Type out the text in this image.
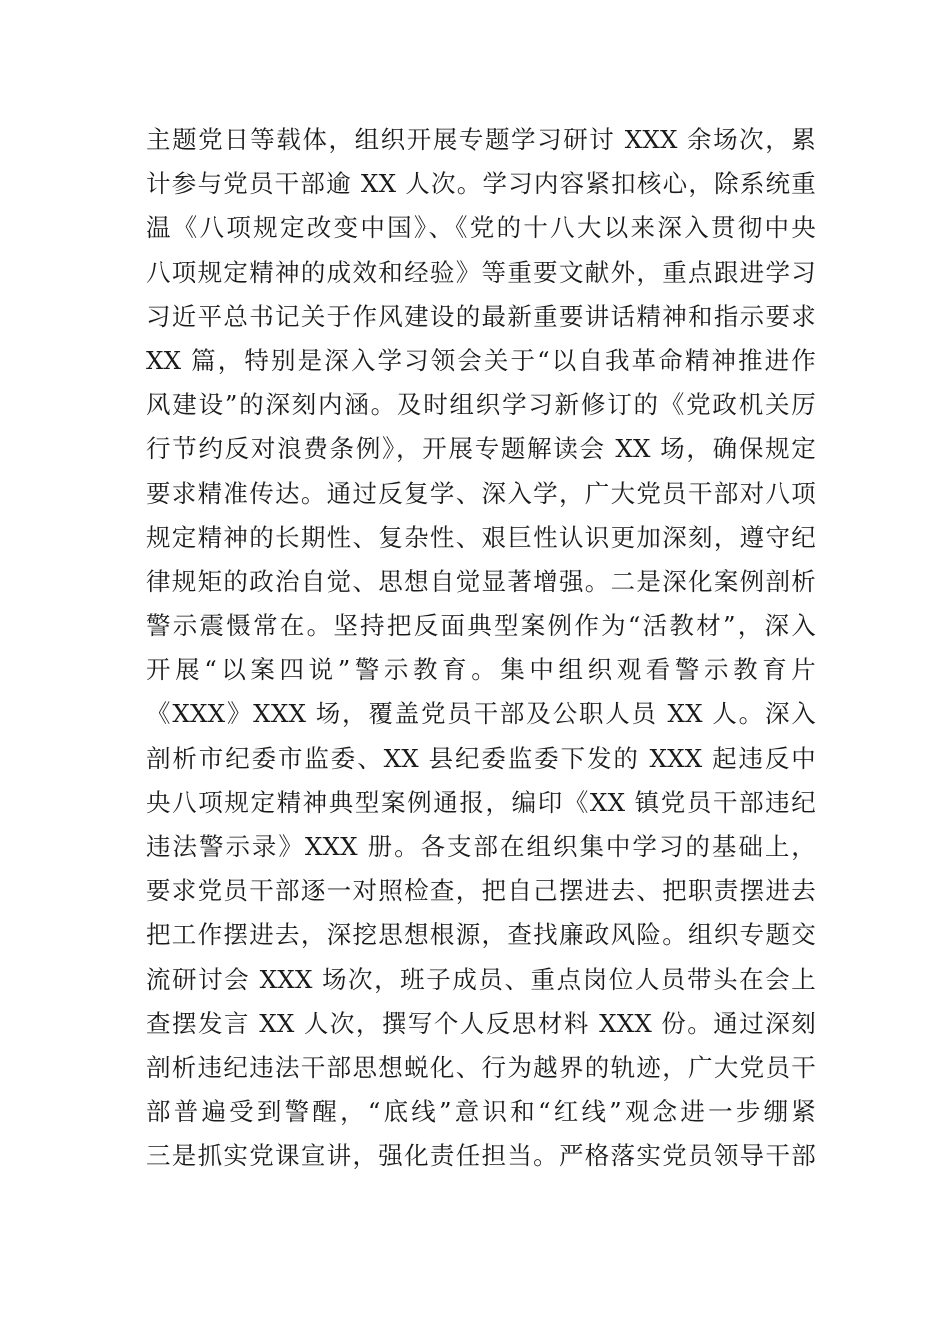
主题党日等载体，组织开展专题学习研讨 XXX 余场次，累
计参与党员干部逾 XX 人次。学习内容紧扣核心，除系统重
温《八项规定改变中国》、《党的十八大以来深入贯彻中央
八项规定精神的成效和经验》等重要文献外，重点跟进学习
习近平总书记关于作风建设的最新重要讲话精神和指示要求
XX 篇，特别是深入学习领会关于“以自我革命精神推进作
风建设”的深刻内涵。及时组织学习新修订的《党政机关厉
行节约反对浪费条例》，开展专题解读会 XX 场，确保规定
要求精准传达。通过反复学、深入学，广大党员干部对八项
规定精神的长期性、复杂性、艰巨性认识更加深刻，遵守纪
律规矩的政治自觉、思想自觉显著增强。二是深化案例剖析
警示震慑常在。坚持把反面典型案例作为“活教材”，深入
开展“以案四说”警示教育。集中组织观看警示教育片
《XXX》XXX 场，覆盖党员干部及公职人员 XX 人。深入
剖析市纪委市监委、XX 县纪委监委下发的 XXX 起违反中
央八项规定精神典型案例通报，编印《XX 镇党员干部违纪
违法警示录》XXX 册。各支部在组织集中学习的基础上，
要求党员干部逐一对照检查，把自己摆进去、把职责摆进去
把工作摆进去，深挖思想根源，查找廉政风险。组织专题交
流研讨会 XXX 场次，班子成员、重点岗位人员带头在会上
查摆发言 XX 人次，撰写个人反思材料 XXX 份。通过深刻
剖析违纪违法干部思想蜕化、行为越界的轨迹，广大党员干
部普遍受到警醒，“底线”意识和“红线”观念进一步绷紧
三是抓实党课宣讲，强化责任担当。严格落实党员领导干部
